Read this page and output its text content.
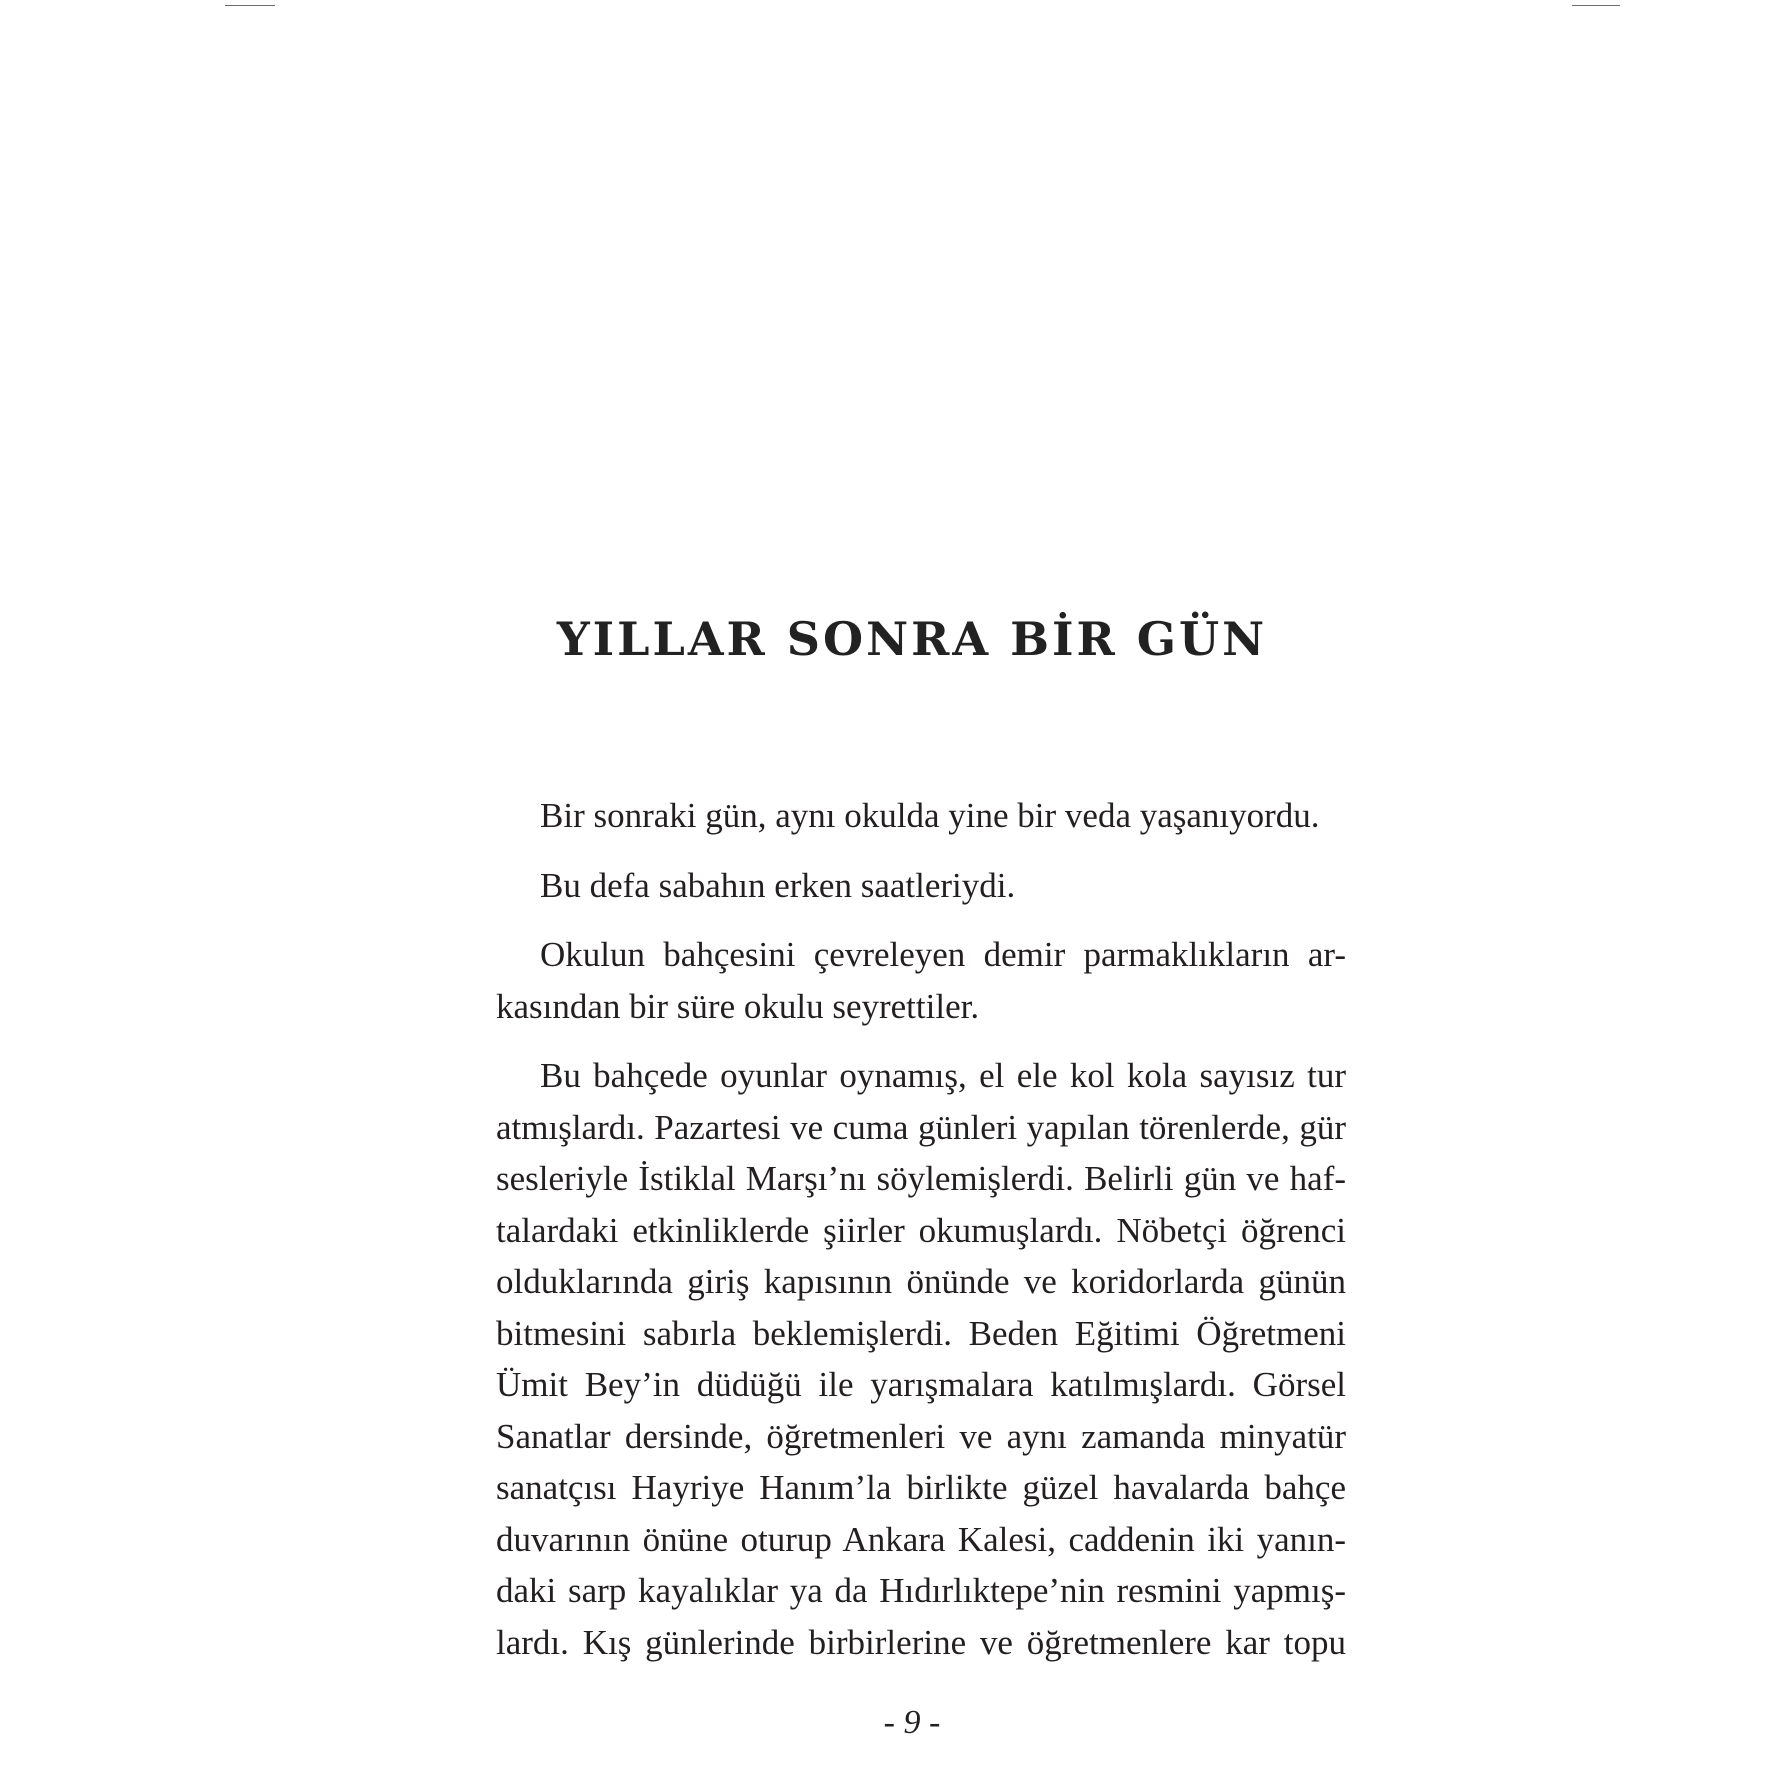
YILLAR SONRA BİR GÜN

Bir sonraki gün, aynı okulda yine bir veda yaşanıyordu.

Bu defa sabahın erken saatleriydi.

Okulun bahçesini çevreleyen demir parmaklıkların ar-
kasından bir süre okulu seyrettiler.

Bu bahçede oyunlar oynamış, el ele kol kola sayısız tur
atmışlardı. Pazartesi ve cuma günleri yapılan törenlerde, gür
sesleriyle İstiklal Marşı’nı söylemişlerdi. Belirli gün ve haf-
talardaki etkinliklerde şiirler okumuşlardı. Nöbetçi öğrenci
olduklarında giriş kapısının önünde ve koridorlarda günün
bitmesini sabırla beklemişlerdi. Beden Eğitimi Öğretmeni
Ümit Bey’in düdüğü ile yarışmalara katılmışlardı. Görsel
Sanatlar dersinde, öğretmenleri ve aynı zamanda minyatür
sanatçısı Hayriye Hanım’la birlikte güzel havalarda bahçe
duvarının önüne oturup Ankara Kalesi, caddenin iki yanın-
daki sarp kayalıklar ya da Hıdırlıktepe’nin resmini yapmış-
lardı. Kış günlerinde birbirlerine ve öğretmenlere kar topu

- 9 -
